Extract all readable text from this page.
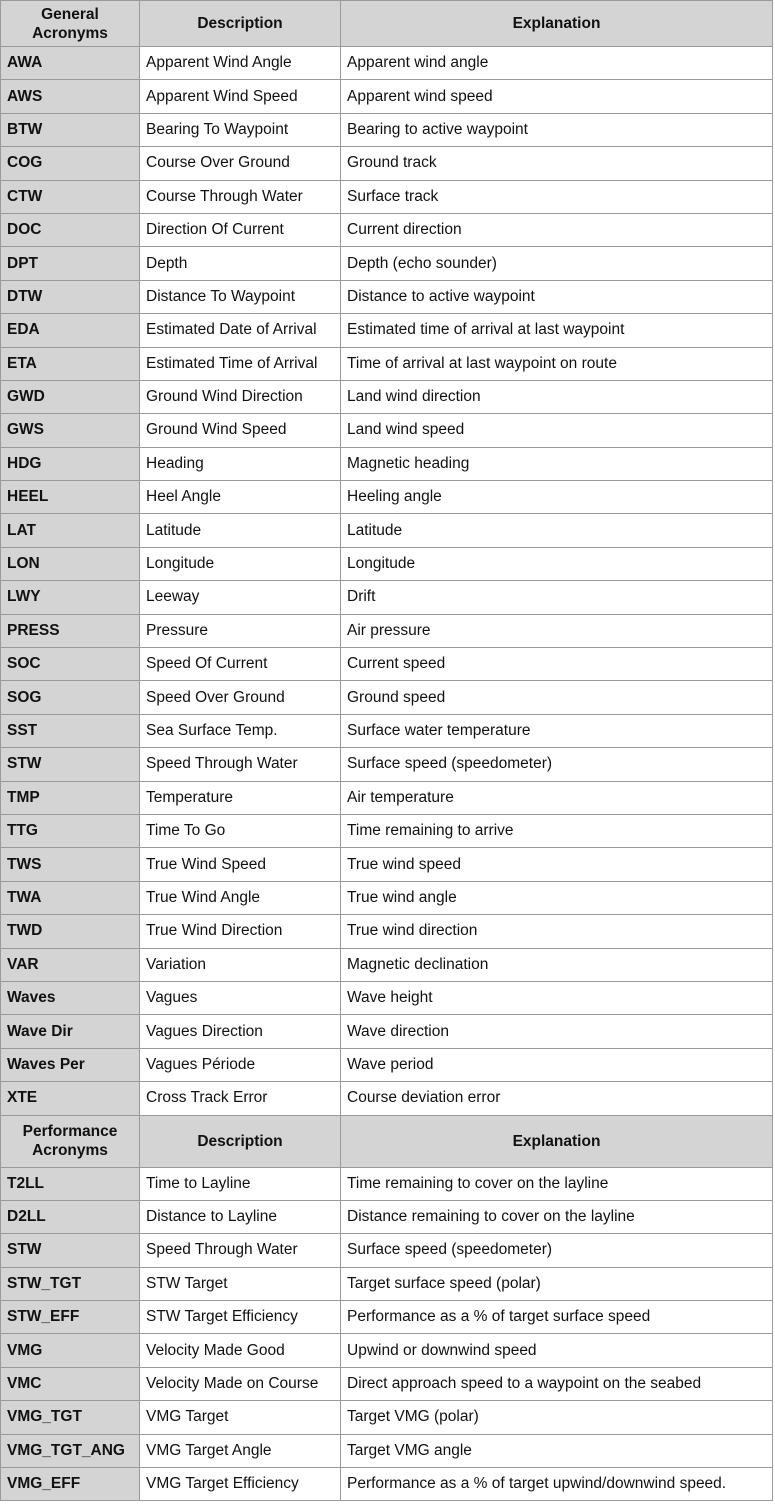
General
Acronyms	Description	Explanation
AWA	Apparent Wind Angle	Apparent wind angle
AWS	Apparent Wind Speed	Apparent wind speed
BTW	Bearing To Waypoint	Bearing to active waypoint
COG	Course Over Ground	Ground track
CTW	Course Through Water	Surface track
DOC	Direction Of Current	Current direction
DPT	Depth	Depth (echo sounder)
DTW	Distance To Waypoint	Distance to active waypoint
EDA	Estimated Date of Arrival	Estimated time of arrival at last waypoint
ETA	Estimated Time of Arrival	Time of arrival at last waypoint on route
GWD	Ground Wind Direction	Land wind direction
GWS	Ground Wind Speed	Land wind speed
HDG	Heading	Magnetic heading
HEEL	Heel Angle	Heeling angle
LAT	Latitude	Latitude
LON	Longitude	Longitude
LWY	Leeway	Drift
PRESS	Pressure	Air pressure
SOC	Speed Of Current	Current speed
SOG	Speed Over Ground	Ground speed
SST	Sea Surface Temp.	Surface water temperature
STW	Speed Through Water	Surface speed (speedometer)
TMP	Temperature	Air temperature
TTG	Time To Go	Time remaining to arrive
TWS	True Wind Speed	True wind speed
TWA	True Wind Angle	True wind angle
TWD	True Wind Direction	True wind direction
VAR	Variation	Magnetic declination
Waves	Vagues	Wave height
Wave Dir	Vagues Direction	Wave direction
Waves Per	Vagues Période	Wave period
XTE	Cross Track Error	Course deviation error
Performance
Acronyms	Description	Explanation
T2LL	Time to Layline	Time remaining to cover on the layline
D2LL	Distance to Layline	Distance remaining to cover on the layline
STW	Speed Through Water	Surface speed (speedometer)
STW_TGT	STW Target	Target surface speed (polar)
STW_EFF	STW Target Efficiency	Performance as a % of target surface speed
VMG	Velocity Made Good	Upwind or downwind speed
VMC	Velocity Made on Course	Direct approach speed to a waypoint on the seabed
VMG_TGT	VMG Target	Target VMG (polar)
VMG_TGT_ANG	VMG Target Angle	Target VMG angle
VMG_EFF	VMG Target Efficiency	Performance as a % of target upwind/downwind speed.
